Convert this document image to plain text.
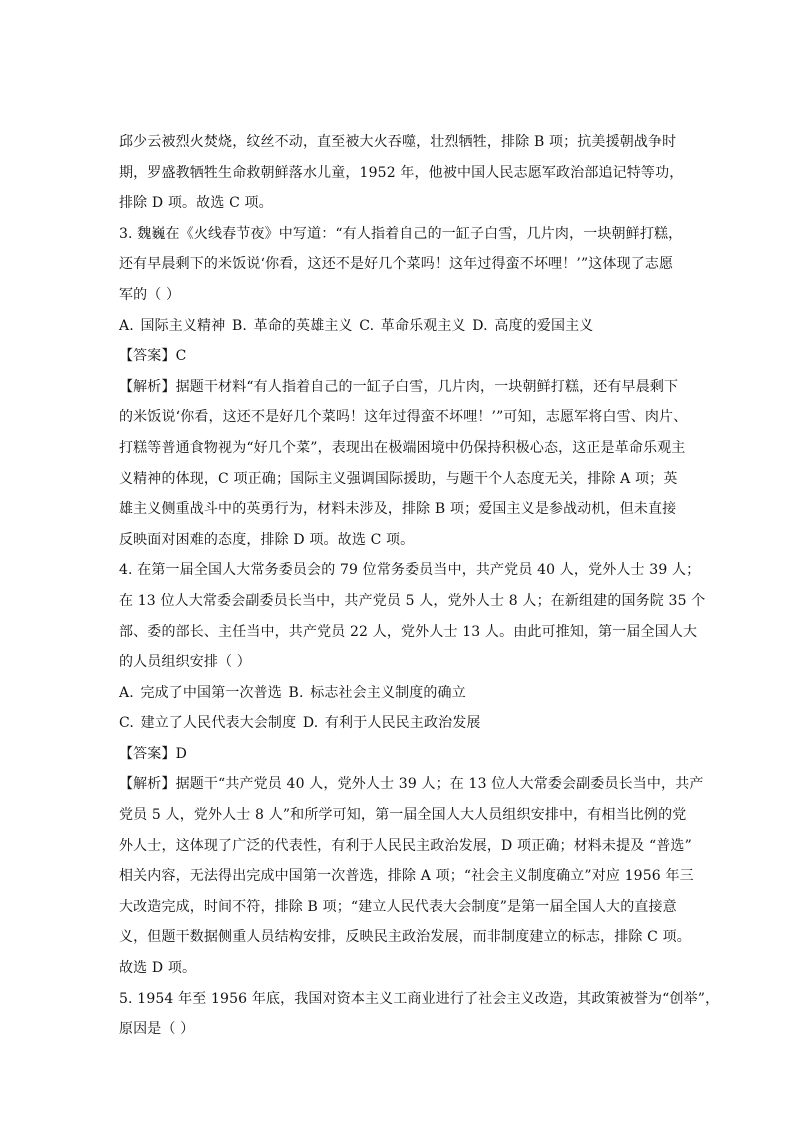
邱少云被烈火焚烧，纹丝不动，直至被大火吞噬，壮烈牺牲，排除 B 项；抗美援朝战争时
期，罗盛教牺牲生命救朝鲜落水儿童，1952 年，他被中国人民志愿军政治部追记特等功，
排除 D 项。故选 C 项。
3. 魏巍在《火线春节夜》中写道：“有人指着自己的一缸子白雪，几片肉，一块朝鲜打糕，
还有早晨剩下的米饭说‘你看，这还不是好几个菜吗！这年过得蛮不坏哩！’”这体现了志愿
军的（ ）
A. 国际主义精神 B. 革命的英雄主义 C. 革命乐观主义 D. 高度的爱国主义
【答案】C
【解析】据题干材料“有人指着自己的一缸子白雪，几片肉，一块朝鲜打糕，还有早晨剩下
的米饭说‘你看，这还不是好几个菜吗！这年过得蛮不坏哩！’”可知，志愿军将白雪、肉片、
打糕等普通食物视为“好几个菜”，表现出在极端困境中仍保持积极心态，这正是革命乐观主
义精神的体现，C 项正确；国际主义强调国际援助，与题干个人态度无关，排除 A 项；英
雄主义侧重战斗中的英勇行为，材料未涉及，排除 B 项；爱国主义是参战动机，但未直接
反映面对困难的态度，排除 D 项。故选 C 项。
4. 在第一届全国人大常务委员会的 79 位常务委员当中，共产党员 40 人，党外人士 39 人；
在 13 位人大常委会副委员长当中，共产党员 5 人，党外人士 8 人；在新组建的国务院 35 个
部、委的部长、主任当中，共产党员 22 人，党外人士 13 人。由此可推知，第一届全国人大
的人员组织安排（ ）
A. 完成了中国第一次普选 B. 标志社会主义制度的确立
C. 建立了人民代表大会制度 D. 有利于人民民主政治发展
【答案】D
【解析】据题干“共产党员 40 人，党外人士 39 人；在 13 位人大常委会副委员长当中，共产
党员 5 人，党外人士 8 人”和所学可知，第一届全国人大人员组织安排中，有相当比例的党
外人士，这体现了广泛的代表性，有利于人民民主政治发展，D 项正确；材料未提及 “普选”
相关内容，无法得出完成中国第一次普选，排除 A 项；“社会主义制度确立”对应 1956 年三
大改造完成，时间不符，排除 B 项；“建立人民代表大会制度”是第一届全国人大的直接意
义，但题干数据侧重人员结构安排，反映民主政治发展，而非制度建立的标志，排除 C 项。
故选 D 项。
5. 1954 年至 1956 年底，我国对资本主义工商业进行了社会主义改造，其政策被誉为“创举”，
原因是（ ）
